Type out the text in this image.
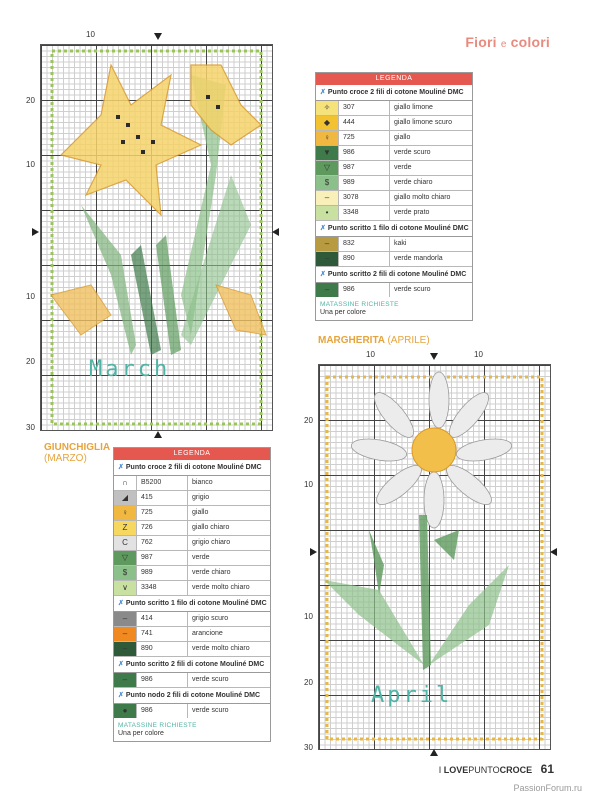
Fiori e colori
10
March
20
10
10
20
30
GIUNCHIGLIA
(MARZO)
LEGENDA
✗ Punto croce 2 fili di cotone Mouliné DMC
✧	307	giallo limone
◆	444	giallo limone scuro
♀	725	giallo
▼	986	verde scuro
▽	987	verde
$	989	verde chiaro
–	3078	giallo molto chiaro
•	3348	verde prato
✗ Punto scritto 1 filo di cotone Mouliné DMC
–	832	kaki
–	890	verde mandorla
✗ Punto scritto 2 fili di cotone Mouliné DMC
–	986	verde scuro
MATASSINE RICHIESTE
Una per colore
LEGENDA
✗ Punto croce 2 fili di cotone Mouliné DMC
∩	B5200	bianco
◢	415	grigio
♀	725	giallo
Z	726	giallo chiaro
C	762	grigio chiaro
▽	987	verde
$	989	verde chiaro
∨	3348	verde molto chiaro
✗ Punto scritto 1 filo di cotone Mouliné DMC
–	414	grigio scuro
–	741	arancione
–	890	verde molto chiaro
✗ Punto scritto 2 fili di cotone Mouliné DMC
–	986	verde scuro
✗ Punto nodo 2 fili di cotone Mouliné DMC
●	986	verde scuro
MATASSINE RICHIESTE
Una per colore
MARGHERITA (APRILE)
10	10
April
20
10
10
20
30
I LOVEPUNTOCROCE 61
PassionForum.ru
